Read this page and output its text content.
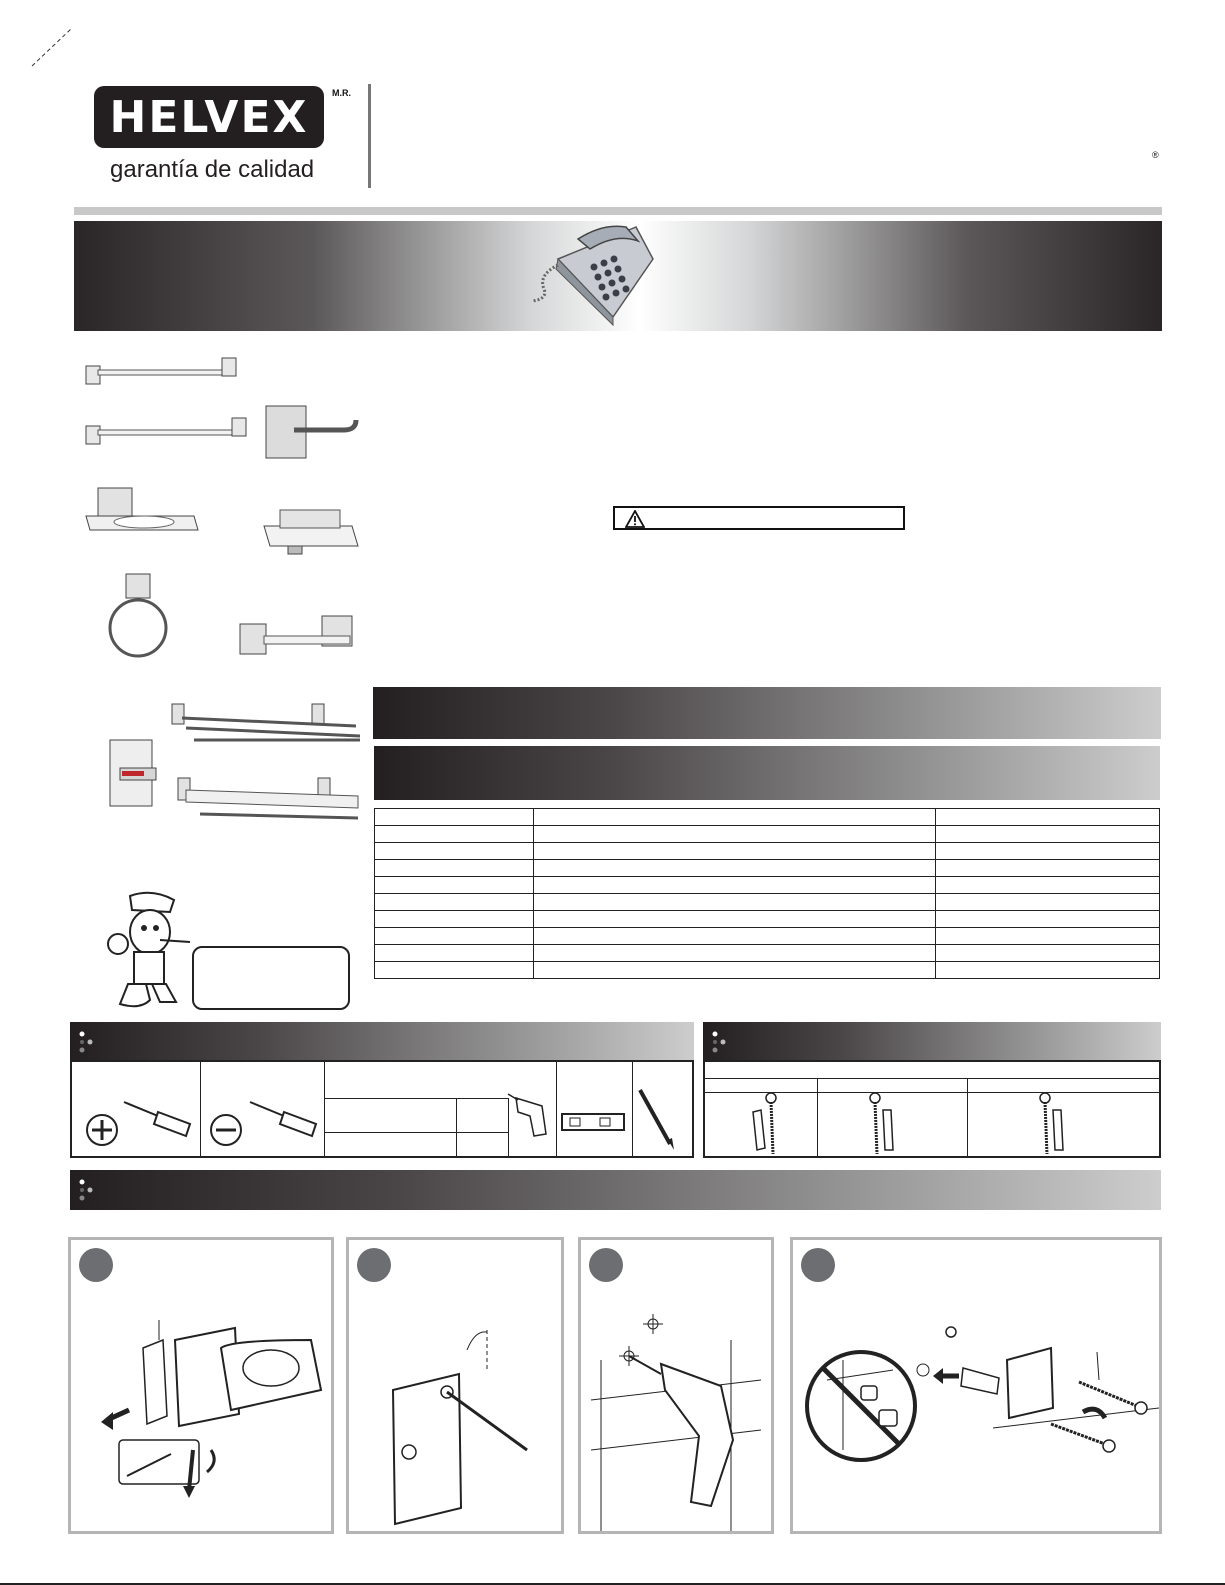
HELVEX	M.R.
garantía de calidad
®
